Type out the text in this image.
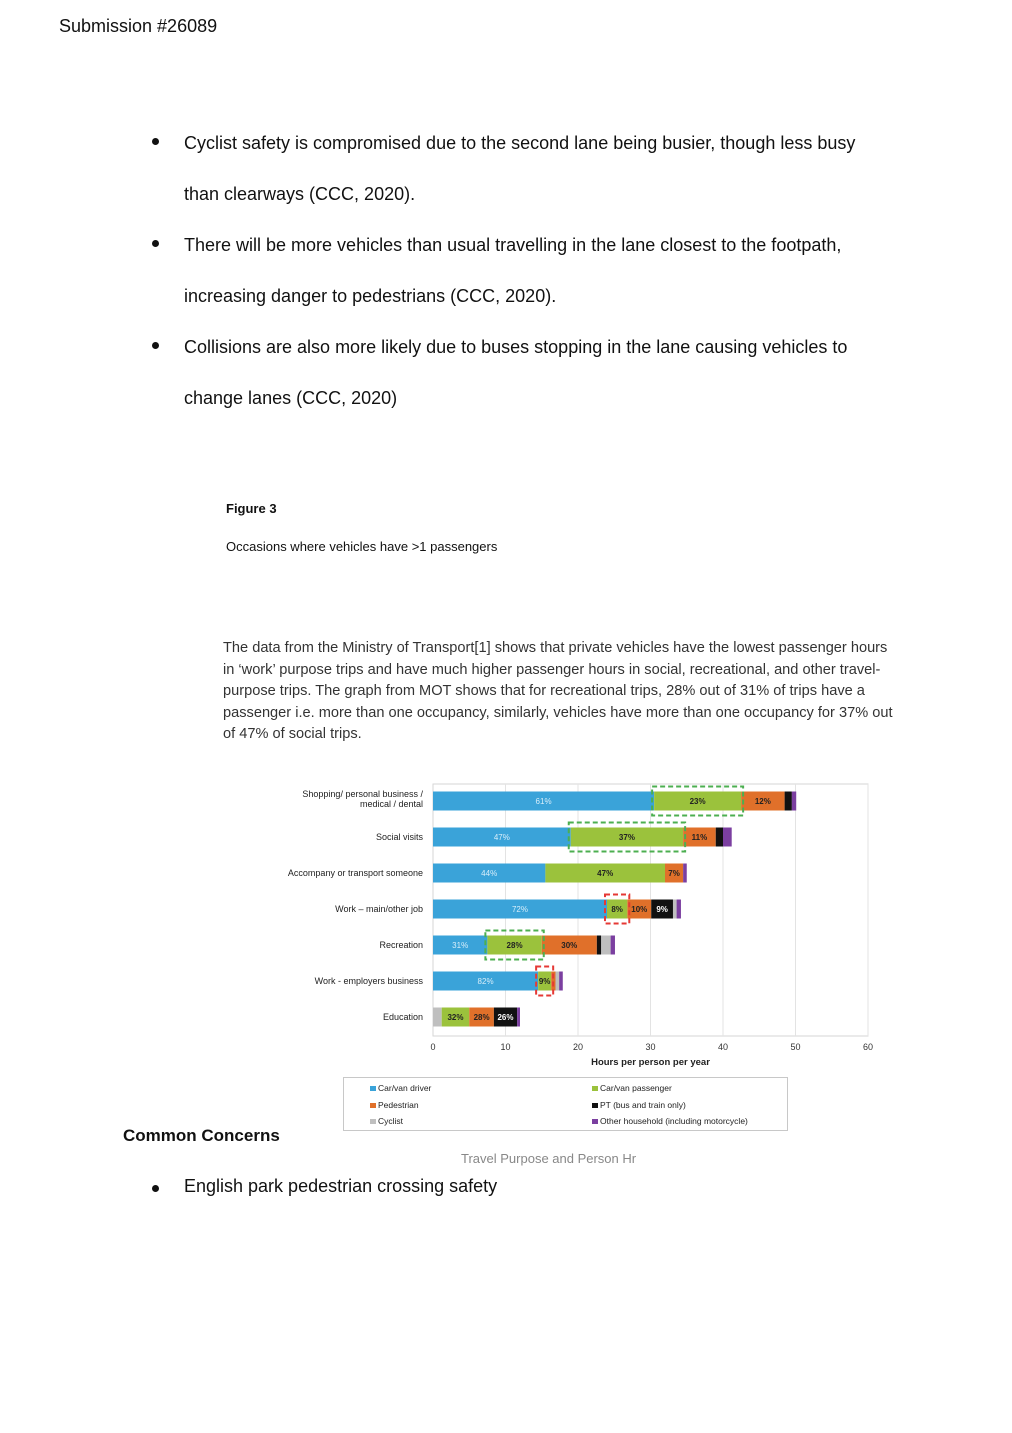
Submission #26089
Cyclist safety is compromised due to the second lane being busier, though less busy
than clearways (CCC, 2020).
There will be more vehicles than usual travelling in the lane closest to the footpath,
increasing danger to pedestrians (CCC, 2020).
Collisions are also more likely due to buses stopping in the lane causing vehicles to
change lanes (CCC, 2020)
Figure 3
Occasions where vehicles have >1 passengers
The data from the Ministry of Transport[1] shows that private vehicles have the lowest passenger hours in ‘work’ purpose trips and have much higher passenger hours in social, recreational, and other travel-purpose trips. The graph from MOT shows that for recreational trips, 28% out of 31% of trips have a passenger i.e. more than one occupancy, similarly, vehicles have more than one occupancy for 37% out of 47% of social trips.
0	10	20	30	40	50	60
Hours per person per year
Shopping/ personal business /
medical / dental	61%	23%	12%
Social visits	47%	37%	11%
Accompany or transport someone	44%	47%	7%
Work – main/other job	72%	8% 10% 9%
Recreation	31%	28%	30%
Work - employers business	82%	9%
Education	32% 28% 26%
Car/van driver	Car/van passenger
Pedestrian	PT (bus and train only)
Cyclist	Other household (including motorcycle)
Common Concerns
Travel Purpose and Person Hr
English park pedestrian crossing safety
